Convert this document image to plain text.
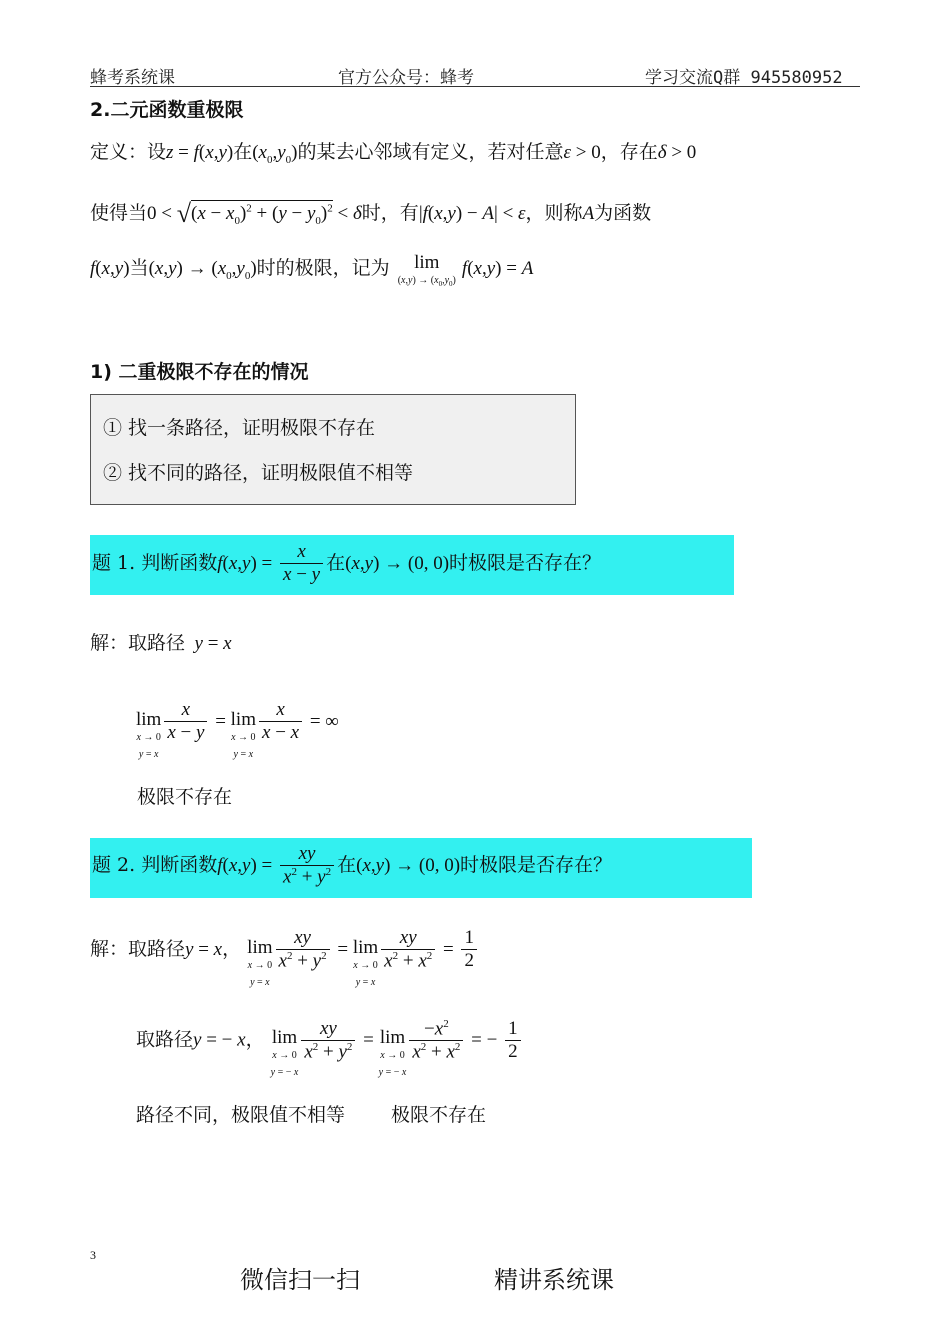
蜂考系统课	官方公众号：蜂考	学习交流Q群 945580952
2.二元函数重极限
定义：设z = f(x,y)在$(x_0,y_0)$的某去心邻域有定义，若对任意ε > 0，存在δ > 0
使得当$0 < √(x - x_0)^2 + (y - y_0)^2 < \delta$时，有|f(x,y) − A| < ε，则称A为函数
f(x,y)当$(x,y) \to (x_0,y_0)$时的极限，记为	lim
$(x,y) \to (x_0,y_0)$
f(x,y) = A
1) 二重极限不存在的情况
① 找一条路径，证明极限不存在
② 找不同的路径，证明极限值不相等
题 1. 判断函数$f(x,y) = \frac{x}{x - y}$ 在(x,y) → (0, 0)时极限是否存在？
解：取路径 y = x
lim
x → 0
y = x
$\frac{x}{x - y} = \lim$
x → 0
y = x
$\frac{x}{x - x}$ = ∞
极限不存在
题 2. 判断函数$f(x,y) = \frac{xy}{x^2 + y^2}$ 在(x,y) → (0, 0)时极限是否存在？
解：取路径y = x， lim
x → 0
y = x
$\frac{xy}{x^2 + y^2} = \lim$
x → 0
y = x
$\frac{xy}{x^2 + x^2} = \frac{1}{2}$
取路径y = − x， lim
x → 0
y = − x
$\frac{xy}{x^2 + y^2} = \lim$
x → 0
y = − x
$\frac{-x^2}{x^2 + x^2}$ = − $\frac{1}{2}$
路径不同，极限值不相等 极限不存在
3
微信扫一扫	精讲系统课
